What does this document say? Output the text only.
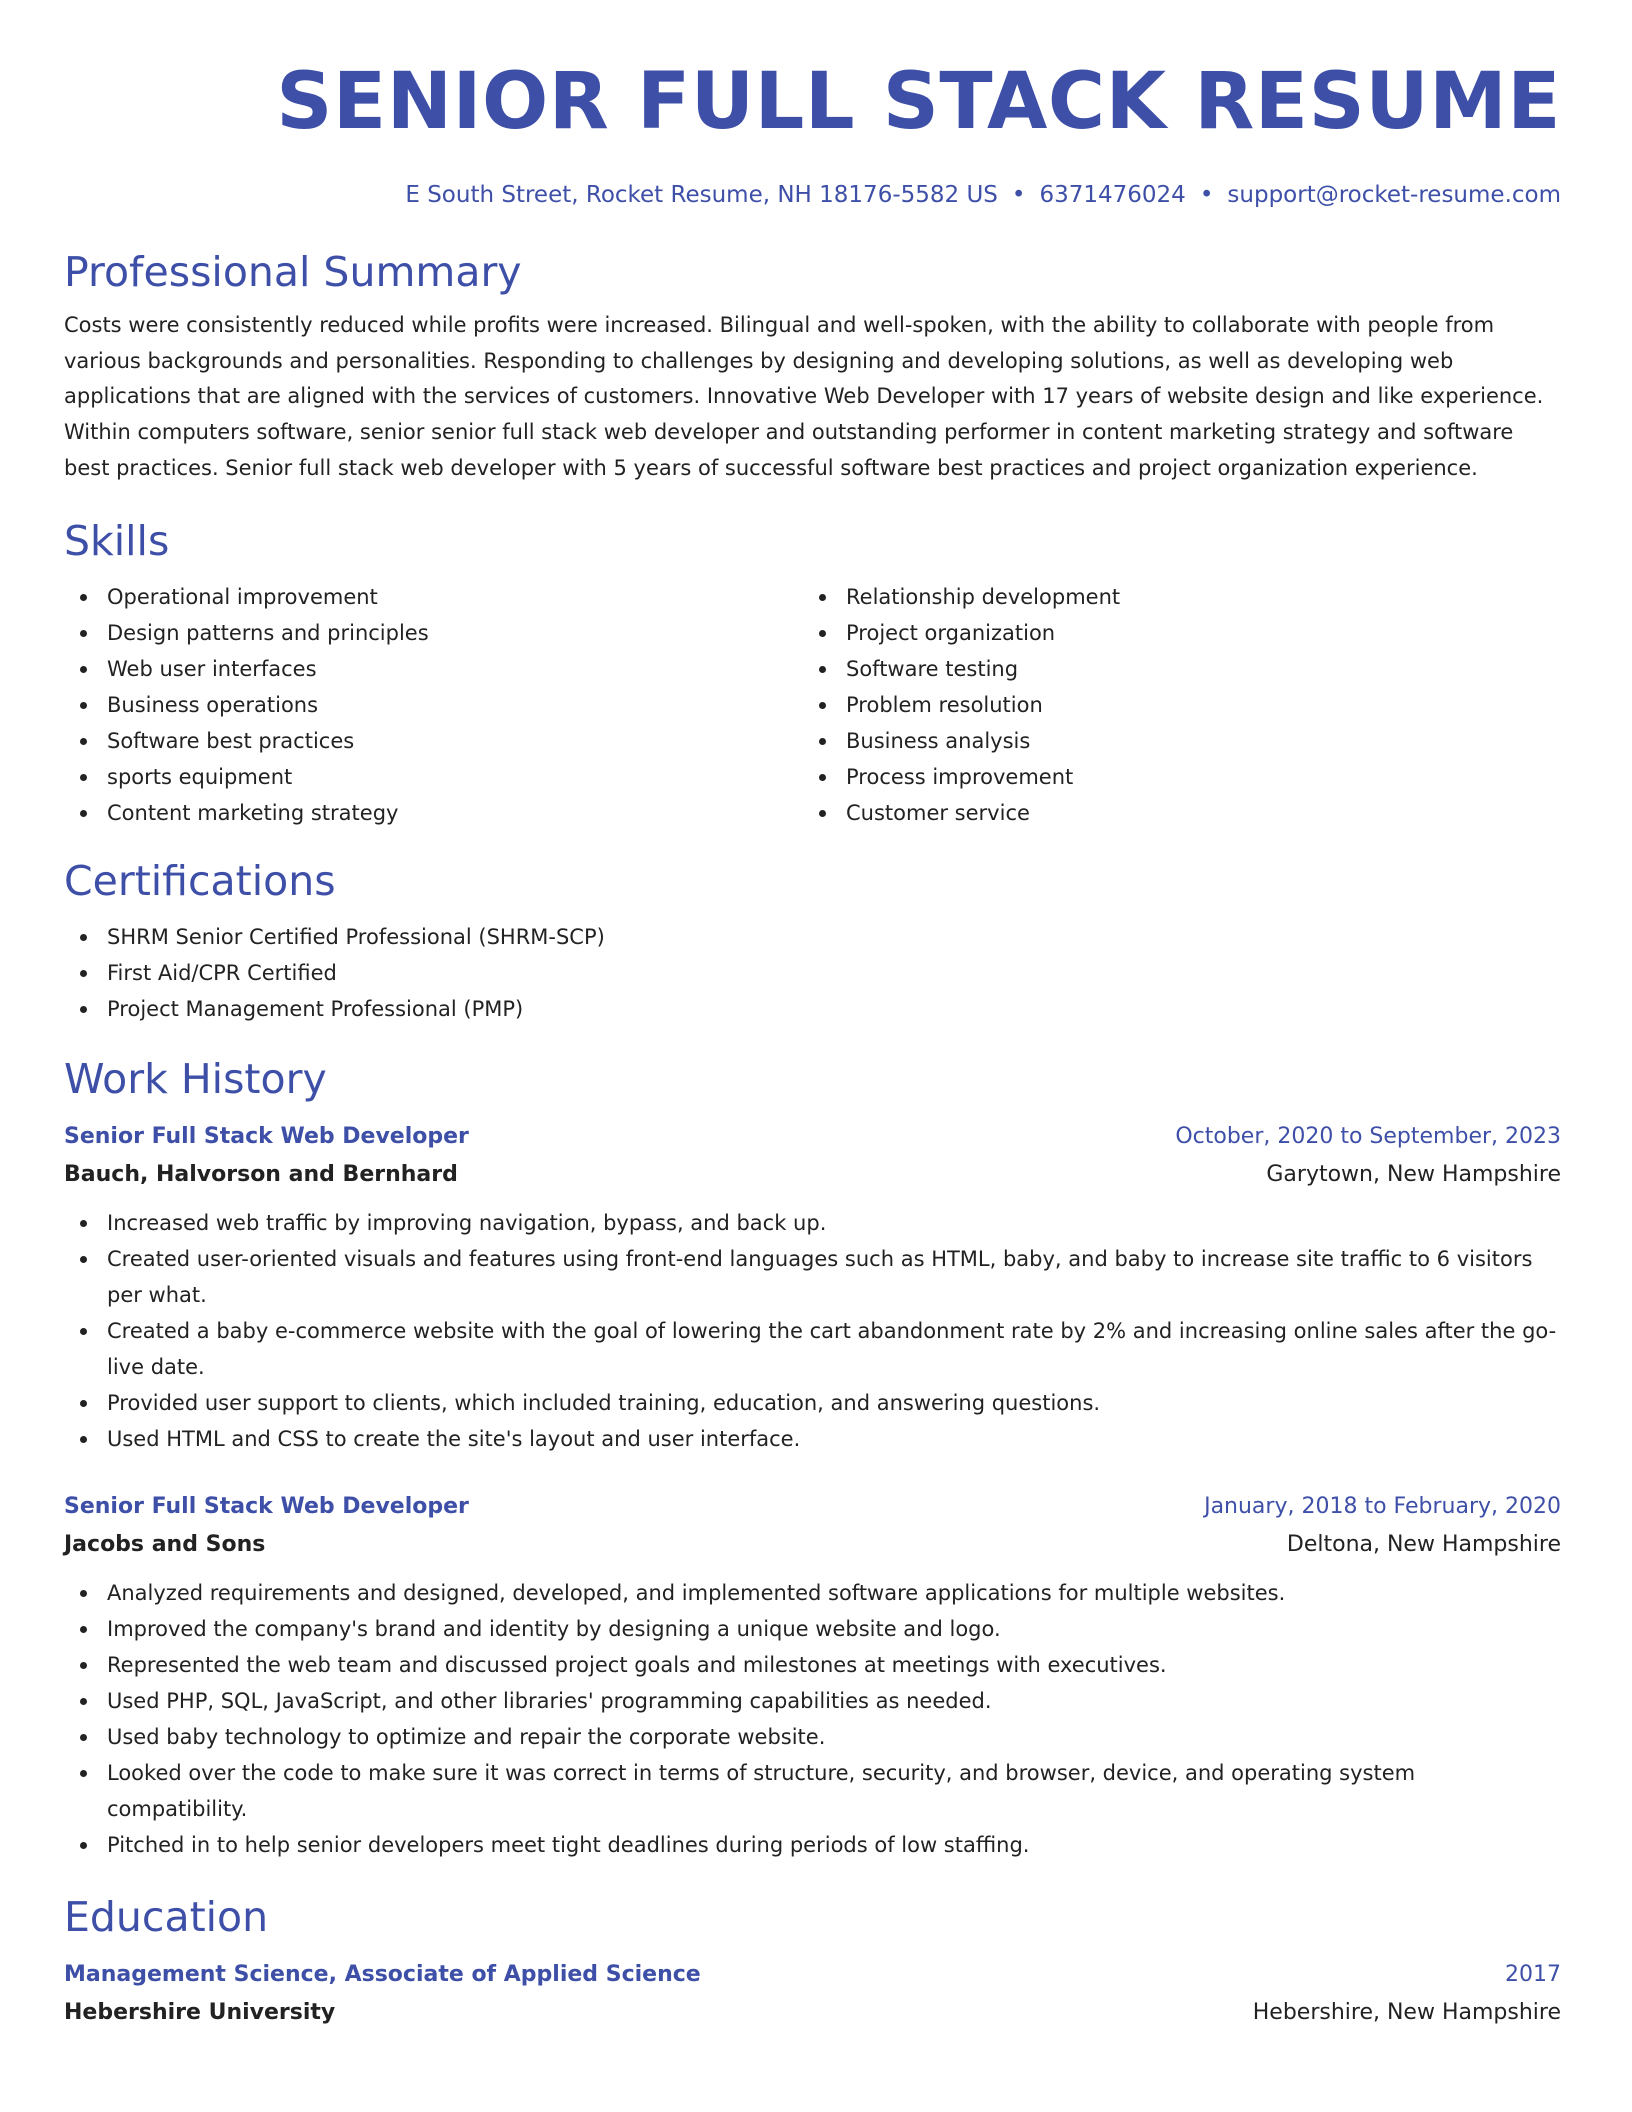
SENIOR FULL STACK RESUME
E South Street, Rocket Resume, NH 18176-5582 US • 6371476024 • support@rocket-resume.com
Professional Summary

Costs were consistently reduced while profits were increased. Bilingual and well-spoken, with the ability to collaborate with people from various backgrounds and personalities. Responding to challenges by designing and developing solutions, as well as developing web applications that are aligned with the services of customers. Innovative Web Developer with 17 years of website design and like experience. Within computers software, senior senior full stack web developer and outstanding performer in content marketing strategy and software best practices. Senior full stack web developer with 5 years of successful software best practices and project organization experience.

Skills
Operational improvement
Design patterns and principles
Web user interfaces
Business operations
Software best practices
sports equipment
Content marketing strategy
Relationship development
Project organization
Software testing
Problem resolution
Business analysis
Process improvement
Customer service
Certifications
SHRM Senior Certified Professional (SHRM-SCP)
First Aid/CPR Certified
Project Management Professional (PMP)
Work History
Senior Full Stack Web Developer	October, 2020 to September, 2023
Bauch, Halvorson and Bernhard	Garytown, New Hampshire
Increased web traffic by improving navigation, bypass, and back up.
Created user-oriented visuals and features using front-end languages such as HTML, baby, and baby to increase site traffic to 6 visitors per what.
Created a baby e-commerce website with the goal of lowering the cart abandonment rate by 2% and increasing online sales after the go-live date.
Provided user support to clients, which included training, education, and answering questions.
Used HTML and CSS to create the site's layout and user interface.
Senior Full Stack Web Developer	January, 2018 to February, 2020
Jacobs and Sons	Deltona, New Hampshire
Analyzed requirements and designed, developed, and implemented software applications for multiple websites.
Improved the company's brand and identity by designing a unique website and logo.
Represented the web team and discussed project goals and milestones at meetings with executives.
Used PHP, SQL, JavaScript, and other libraries' programming capabilities as needed.
Used baby technology to optimize and repair the corporate website.
Looked over the code to make sure it was correct in terms of structure, security, and browser, device, and operating system compatibility.
Pitched in to help senior developers meet tight deadlines during periods of low staffing.
Education
Management Science, Associate of Applied Science	2017
Hebershire University	Hebershire, New Hampshire
